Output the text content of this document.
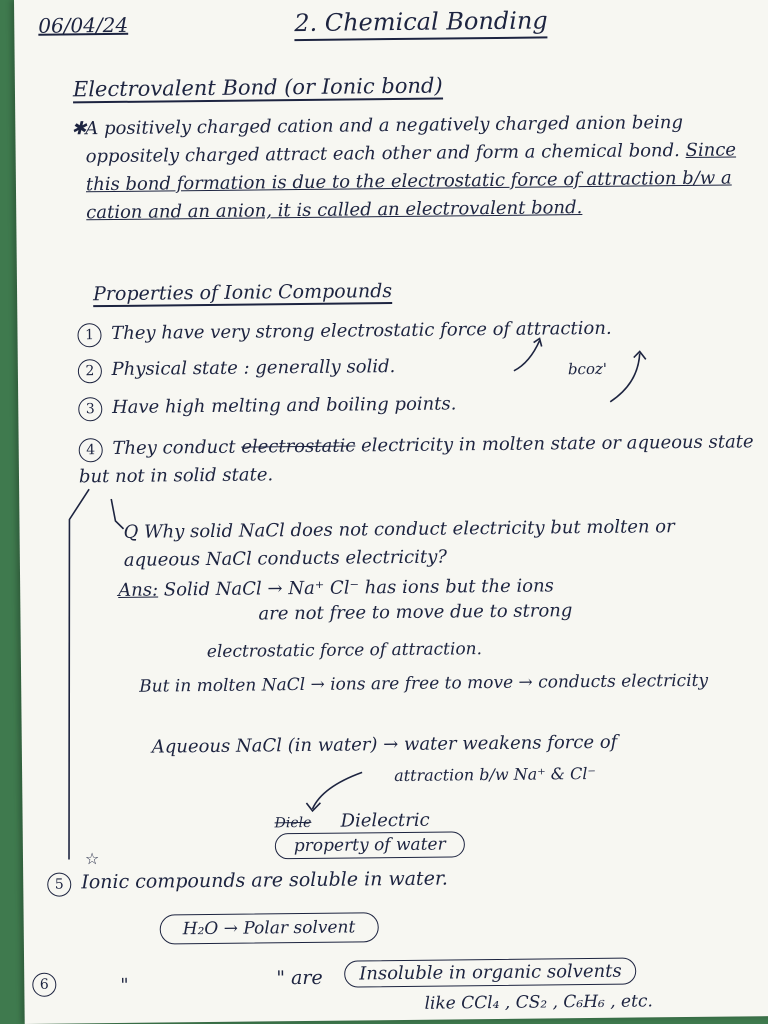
06/04/24	2. Chemical Bonding
Electrovalent Bond (or Ionic bond)
✱
A positively charged cation and a negatively charged anion being oppositely charged attract each other and form a chemical bond. Since this bond formation is due to the electrostatic force of attraction b/w a cation and an anion, it is called an electrovalent bond.
Properties of Ionic Compounds
1 They have very strong electrostatic force of attraction.
2 Physical state : generally solid.	bcoz'
3 Have high melting and boiling points.
4 They conduct electrostatic electricity in molten state or aqueous state but not in solid state.
Q Why solid NaCl does not conduct electricity but molten or aqueous NaCl conducts electricity?
Ans: Solid NaCl → Na⁺ Cl⁻ has ions but the ions
are not free to move due to strong
electrostatic force of attraction.
But in molten NaCl → ions are free to move → conducts electricity
Aqueous NaCl (in water) → water weakens force of
attraction b/w Na⁺ & Cl⁻
Diele Dielectric
property of water
☆
5 Ionic compounds are soluble in water.
H₂O → Polar solvent
6	"	" are	Insoluble in organic solvents
like CCl₄ , CS₂ , C₆H₆ , etc.
